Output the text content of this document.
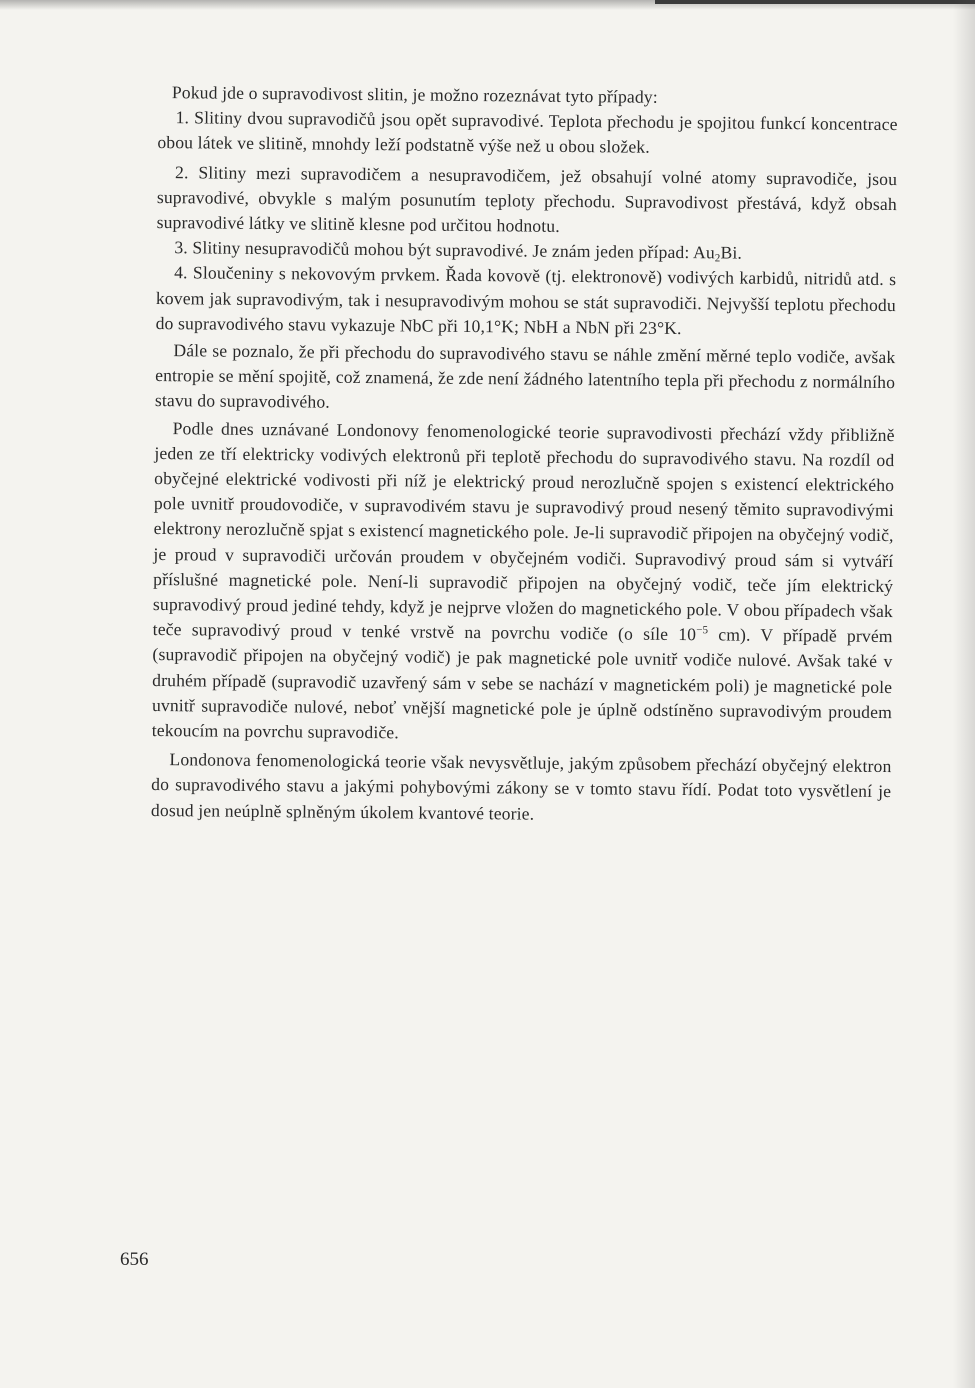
Pokud jde o supravodivost slitin, je možno rozeznávat tyto případy:

1. Slitiny dvou supravodičů jsou opět supravodivé. Teplota přechodu je spojitou funkcí koncentrace obou látek ve slitině, mnohdy leží podstatně výše než u obou složek.

2. Slitiny mezi supravodičem a nesupravodičem, jež obsahují volné atomy supravodiče, jsou supravodivé, obvykle s malým posunutím teploty přechodu. Supravodivost přestává, když obsah supravodivé látky ve slitině klesne pod určitou hodnotu.

3. Slitiny nesupravodičů mohou být supravodivé. Je znám jeden případ: $Au_2Bi$.

4. Sloučeniny s nekovovým prvkem. Řada kovově (tj. elektronově) vodivých karbidů, nitridů atd. s kovem jak supravodivým, tak i nesupravodivým mohou se stát supravodiči. Nejvyšší teplotu přechodu do supravodivého stavu vykazuje NbC při 10,1°K; NbH a NbN při 23°K.

Dále se poznalo, že při přechodu do supravodivého stavu se náhle změní měrné teplo vodiče, avšak entropie se mění spojitě, což znamená, že zde není žádného latentního tepla při přechodu z normálního stavu do supravodivého.

Podle dnes uznávané Londonovy fenomenologické teorie supravodivosti přechází vždy přibližně jeden ze tří elektricky vodivých elektronů při teplotě přechodu do supravodivého stavu. Na rozdíl od obyčejné elektrické vodivosti při níž je elektrický proud nerozlučně spojen s existencí elektrického pole uvnitř proudovodiče, v supravodivém stavu je supravodivý proud nesený těmito supravodivými elektrony nerozlučně spjat s existencí magnetického pole. Je-li supravodič připojen na obyčejný vodič, je proud v supravodiči určován proudem v obyčejném vodiči. Supravodivý proud sám si vytváří příslušné magnetické pole. Není-li supravodič připojen na obyčejný vodič, teče jím elektrický supravodivý proud jediné tehdy, když je nejprve vložen do magnetického pole. V obou případech však teče supravodivý proud v tenké vrstvě na povrchu vodiče (o síle $10^{-5}$ cm). V případě prvém (supravodič připojen na obyčejný vodič) je pak magnetické pole uvnitř vodiče nulové. Avšak také v druhém případě (supravodič uzavřený sám v sebe se nachází v magnetickém poli) je magnetické pole uvnitř supravodiče nulové, neboť vnější magnetické pole je úplně odstíněno supravodivým proudem tekoucím na povrchu supravodiče.

Londonova fenomenologická teorie však nevysvětluje, jakým způsobem přechází obyčejný elektron do supravodivého stavu a jakými pohybovými zákony se v tomto stavu řídí. Podat toto vysvětlení je dosud jen neúplně splněným úkolem kvantové teorie.

656
